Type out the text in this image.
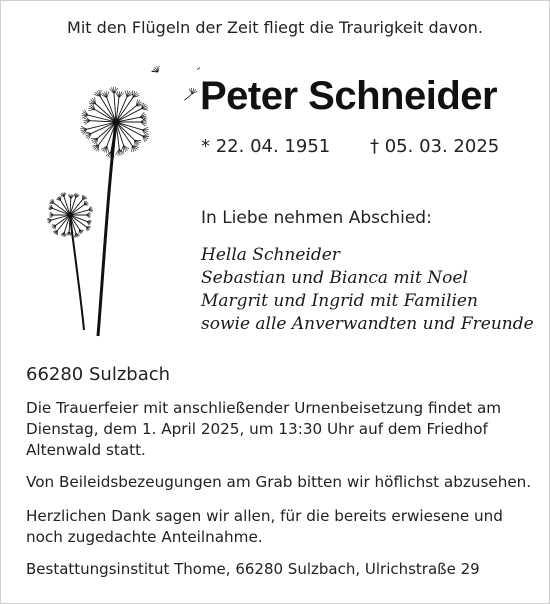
Mit den Flügeln der Zeit fliegt die Traurigkeit davon.
Peter Schneider
* 22. 04. 1951 † 05. 03. 2025
In Liebe nehmen Abschied:
Hella Schneider
Sebastian und Bianca mit Noel
Margrit und Ingrid mit Familien
sowie alle Anverwandten und Freunde
66280 Sulzbach

Die Trauerfeier mit anschließender Urnenbeisetzung findet am Dienstag, dem 1. April 2025, um 13:30 Uhr auf dem Friedhof Altenwald statt.

Von Beileidsbezeugungen am Grab bitten wir höflichst abzusehen.

Herzlichen Dank sagen wir allen, für die bereits erwiesene und noch zugedachte Anteilnahme.

Bestattungsinstitut Thome, 66280 Sulzbach, Ulrichstraße 29
